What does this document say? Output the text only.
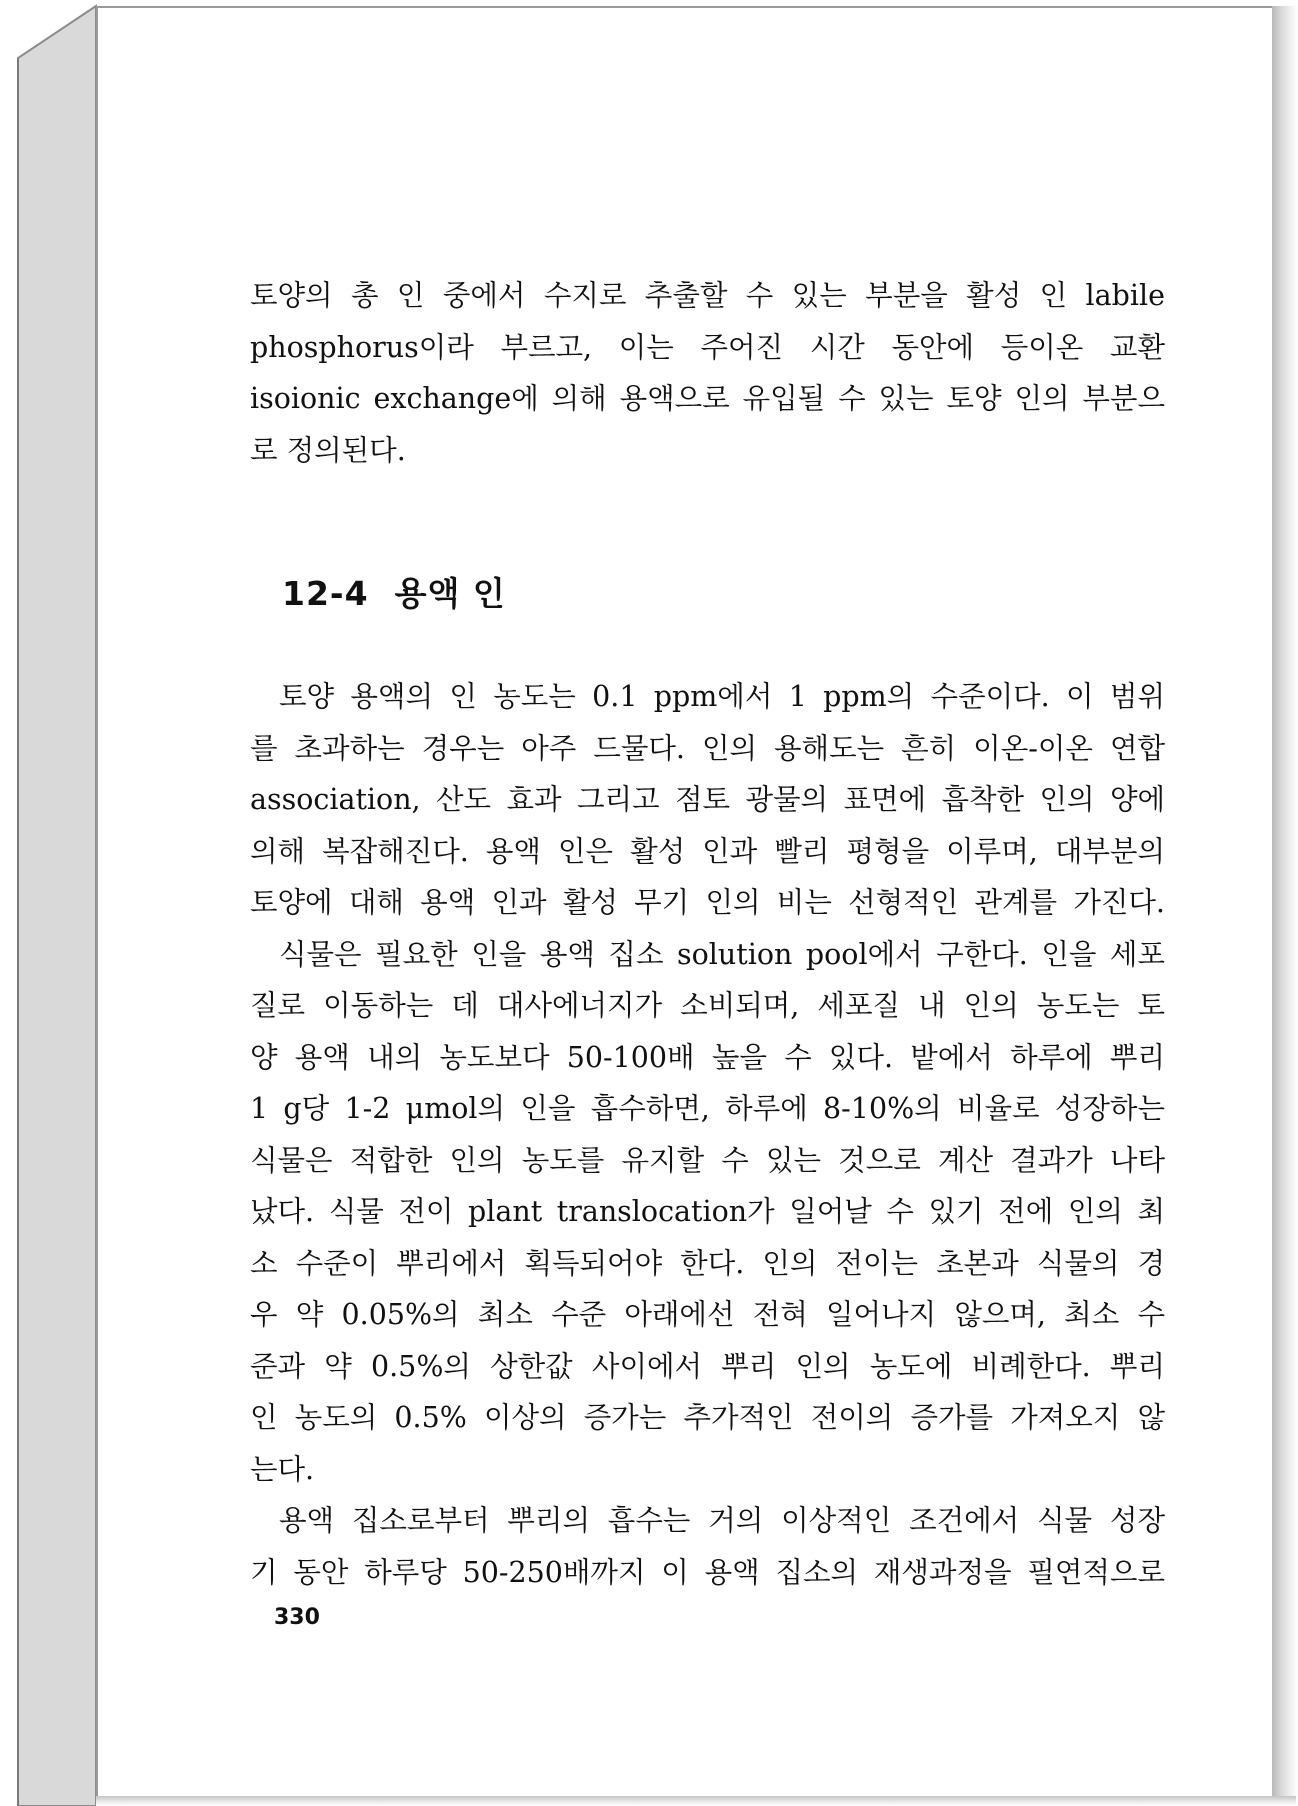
토양의 총 인 중에서 수지로 추출할 수 있는 부분을 활성 인 labile
phosphorus이라 부르고, 이는 주어진 시간 동안에 등이온 교환
isoionic exchange에 의해 용액으로 유입될 수 있는 토양 인의 부분으
로 정의된다.
12-4 용액 인
토양 용액의 인 농도는 0.1 ppm에서 1 ppm의 수준이다. 이 범위
를 초과하는 경우는 아주 드물다. 인의 용해도는 흔히 이온-이온 연합
association, 산도 효과 그리고 점토 광물의 표면에 흡착한 인의 양에
의해 복잡해진다. 용액 인은 활성 인과 빨리 평형을 이루며, 대부분의
토양에 대해 용액 인과 활성 무기 인의 비는 선형적인 관계를 가진다.
식물은 필요한 인을 용액 집소 solution pool에서 구한다. 인을 세포
질로 이동하는 데 대사에너지가 소비되며, 세포질 내 인의 농도는 토
양 용액 내의 농도보다 50-100배 높을 수 있다. 밭에서 하루에 뿌리
1 g당 1-2 μmol의 인을 흡수하면, 하루에 8-10%의 비율로 성장하는
식물은 적합한 인의 농도를 유지할 수 있는 것으로 계산 결과가 나타
났다. 식물 전이 plant translocation가 일어날 수 있기 전에 인의 최
소 수준이 뿌리에서 획득되어야 한다. 인의 전이는 초본과 식물의 경
우 약 0.05%의 최소 수준 아래에선 전혀 일어나지 않으며, 최소 수
준과 약 0.5%의 상한값 사이에서 뿌리 인의 농도에 비례한다. 뿌리
인 농도의 0.5% 이상의 증가는 추가적인 전이의 증가를 가져오지 않
는다.
용액 집소로부터 뿌리의 흡수는 거의 이상적인 조건에서 식물 성장
기 동안 하루당 50-250배까지 이 용액 집소의 재생과정을 필연적으로
330
